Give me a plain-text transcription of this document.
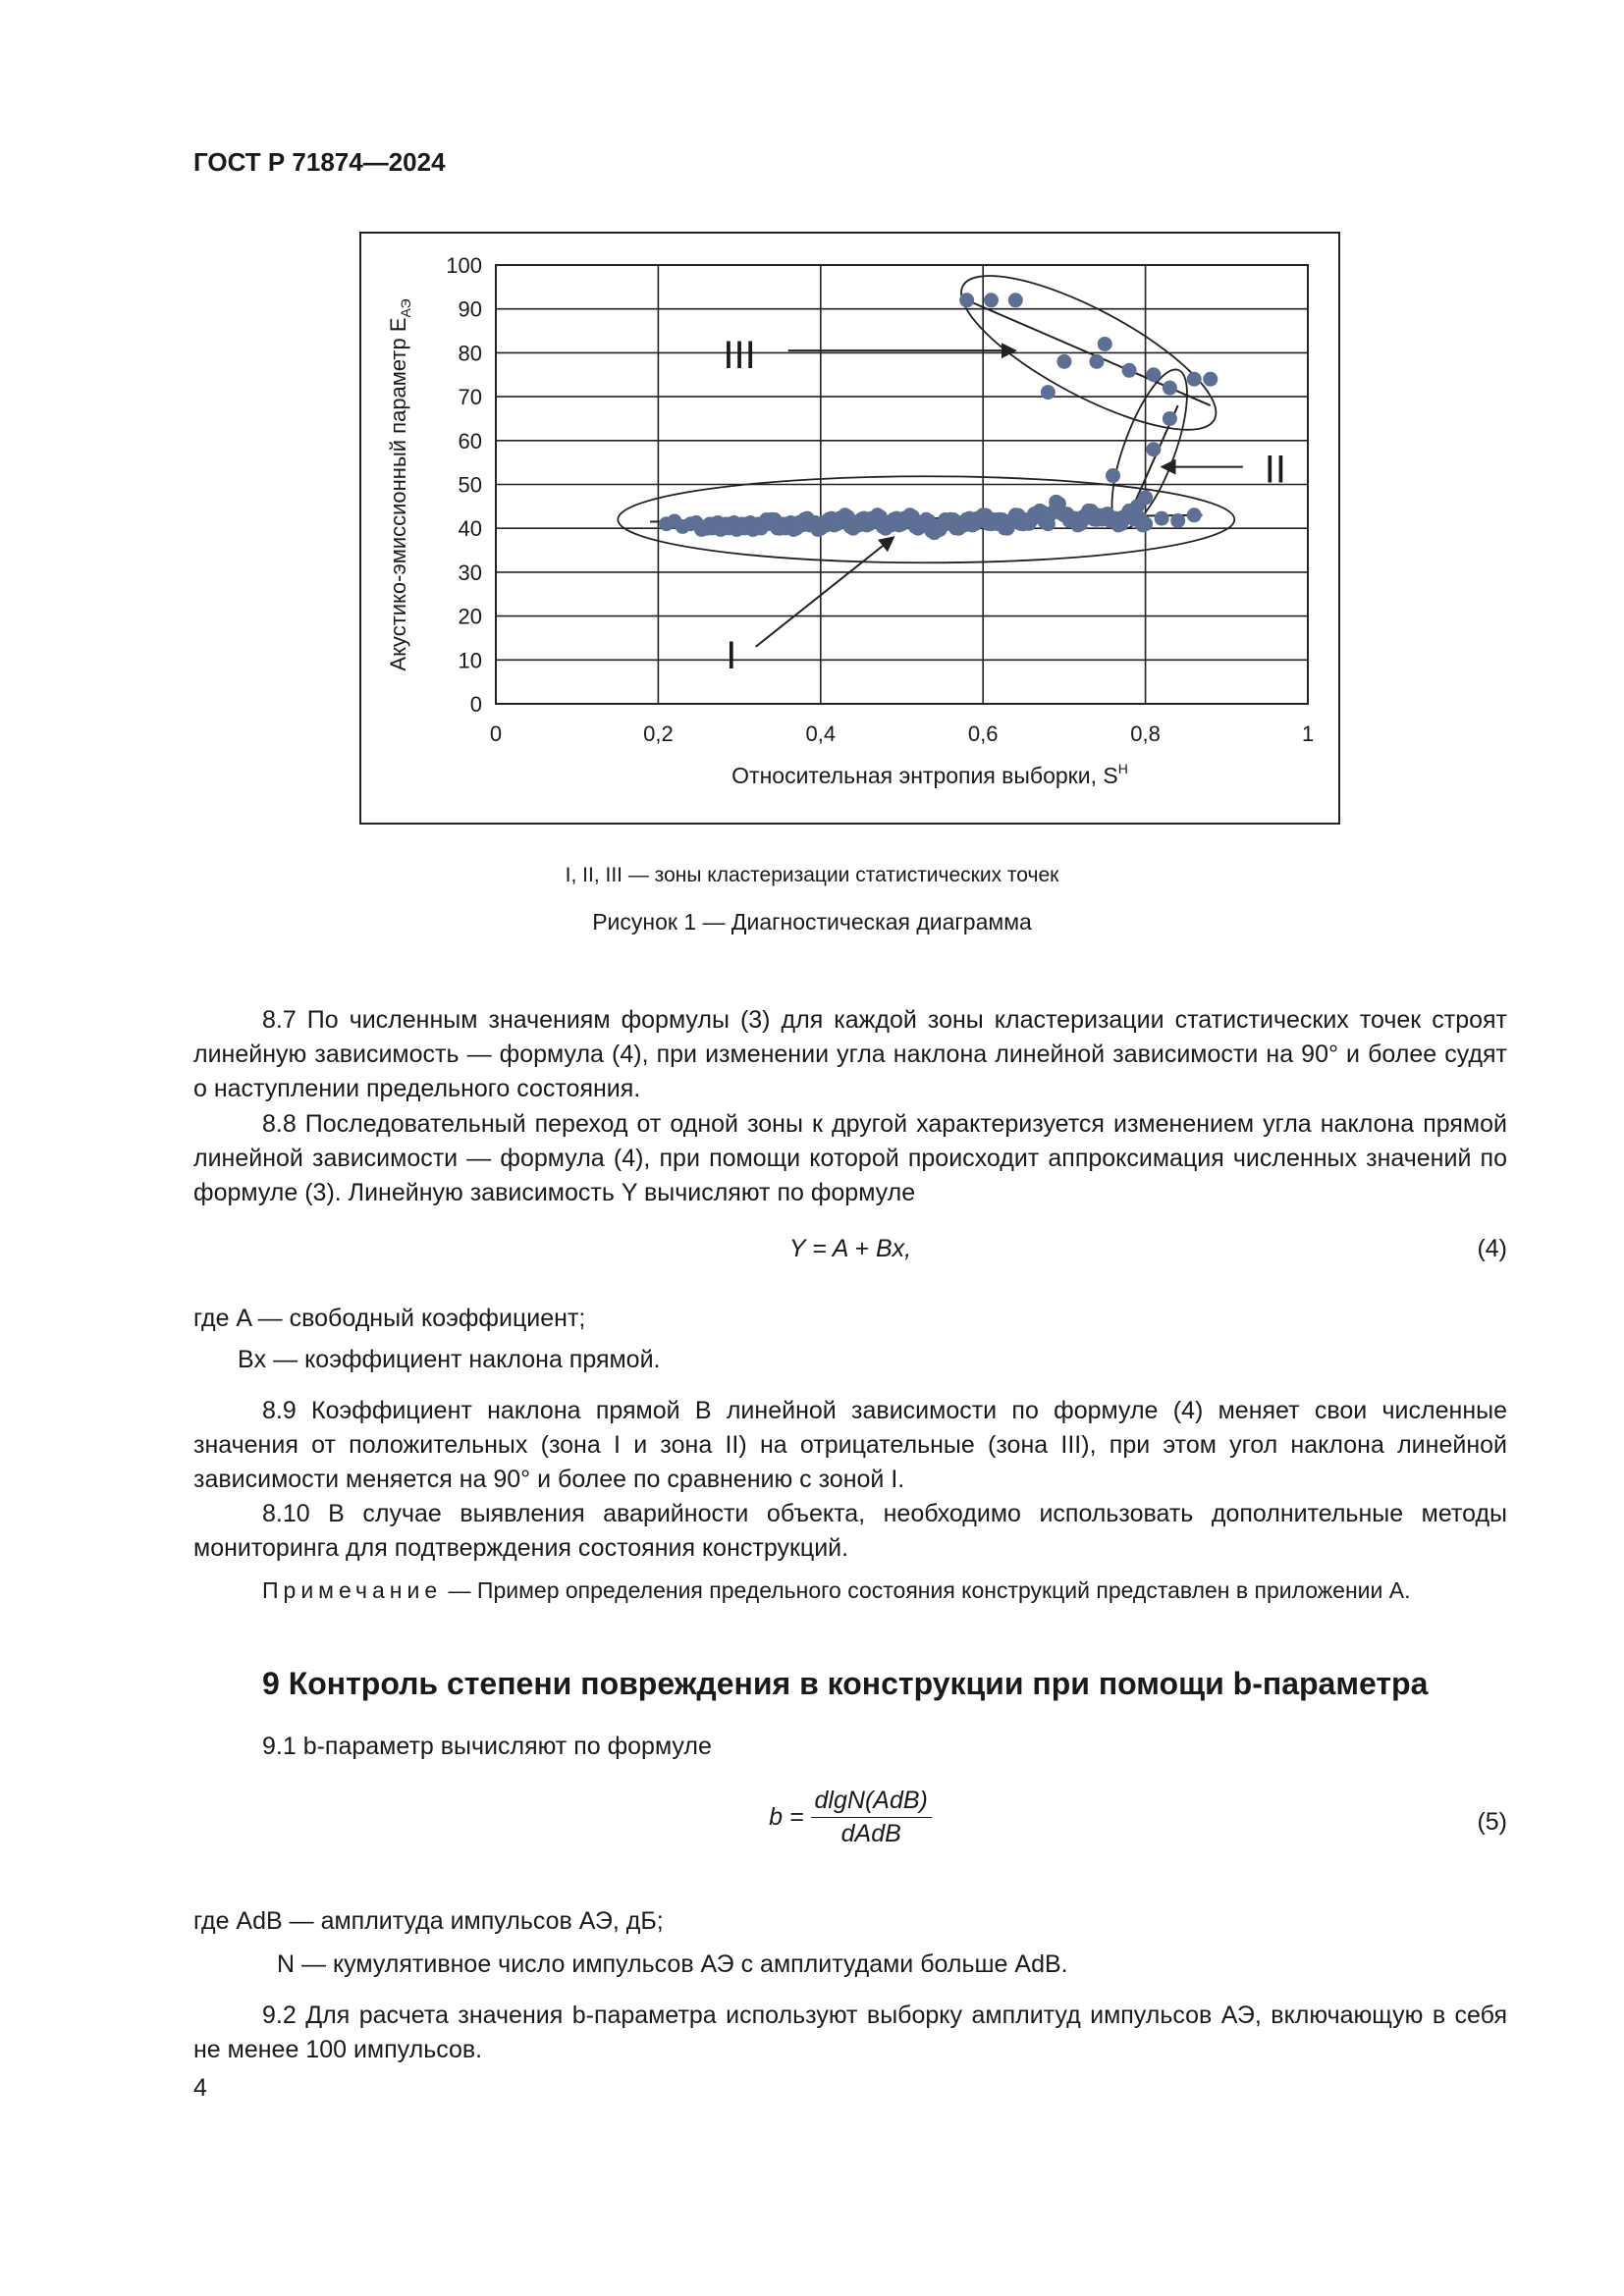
ГОСТ Р 71874—2024
0
10
20
30
40
50
60
70
80
90
100
0	0,2	0,4	0,6	0,8	1
I
II
III
Акустико-эмиссионный параметр $E_{АЭ}$
Относительная энтропия выборки, $S^H$
I, II, III — зоны кластеризации статистических точек
Рисунок 1 — Диагностическая диаграмма

8.7 По численным значениям формулы (3) для каждой зоны кластеризации статистических точек строят линейную зависимость — формула (4), при изменении угла наклона линейной зависимости на 90° и более судят о наступлении предельного состояния.

8.8 Последовательный переход от одной зоны к другой характеризуется изменением угла наклона прямой линейной зависимости — формула (4), при помощи которой происходит аппроксимация численных значений по формуле (3). Линейную зависимость Y вычисляют по формуле

Y = A + Bx,	(4)
где A — свободный коэффициент;
Bx — коэффициент наклона прямой.

8.9 Коэффициент наклона прямой В линейной зависимости по формуле (4) меняет свои численные значения от положительных (зона I и зона II) на отрицательные (зона III), при этом угол наклона линейной зависимости меняется на 90° и более по сравнению с зоной I.

8.10 В случае выявления аварийности объекта, необходимо использовать дополнительные методы мониторинга для подтверждения состояния конструкций.

Примечание — Пример определения предельного состояния конструкций представлен в приложении А.
9 Контроль степени повреждения в конструкции при помощи b-параметра

9.1 b-параметр вычисляют по формуле

$b = \frac{\text{dlgN(AdB)}}{\text{dAdB}}$	(5)
где AdB — амплитуда импульсов АЭ, дБ;
N — кумулятивное число импульсов АЭ с амплитудами больше AdB.

9.2 Для расчета значения b-параметра используют выборку амплитуд импульсов АЭ, включающую в себя не менее 100 импульсов.

4
